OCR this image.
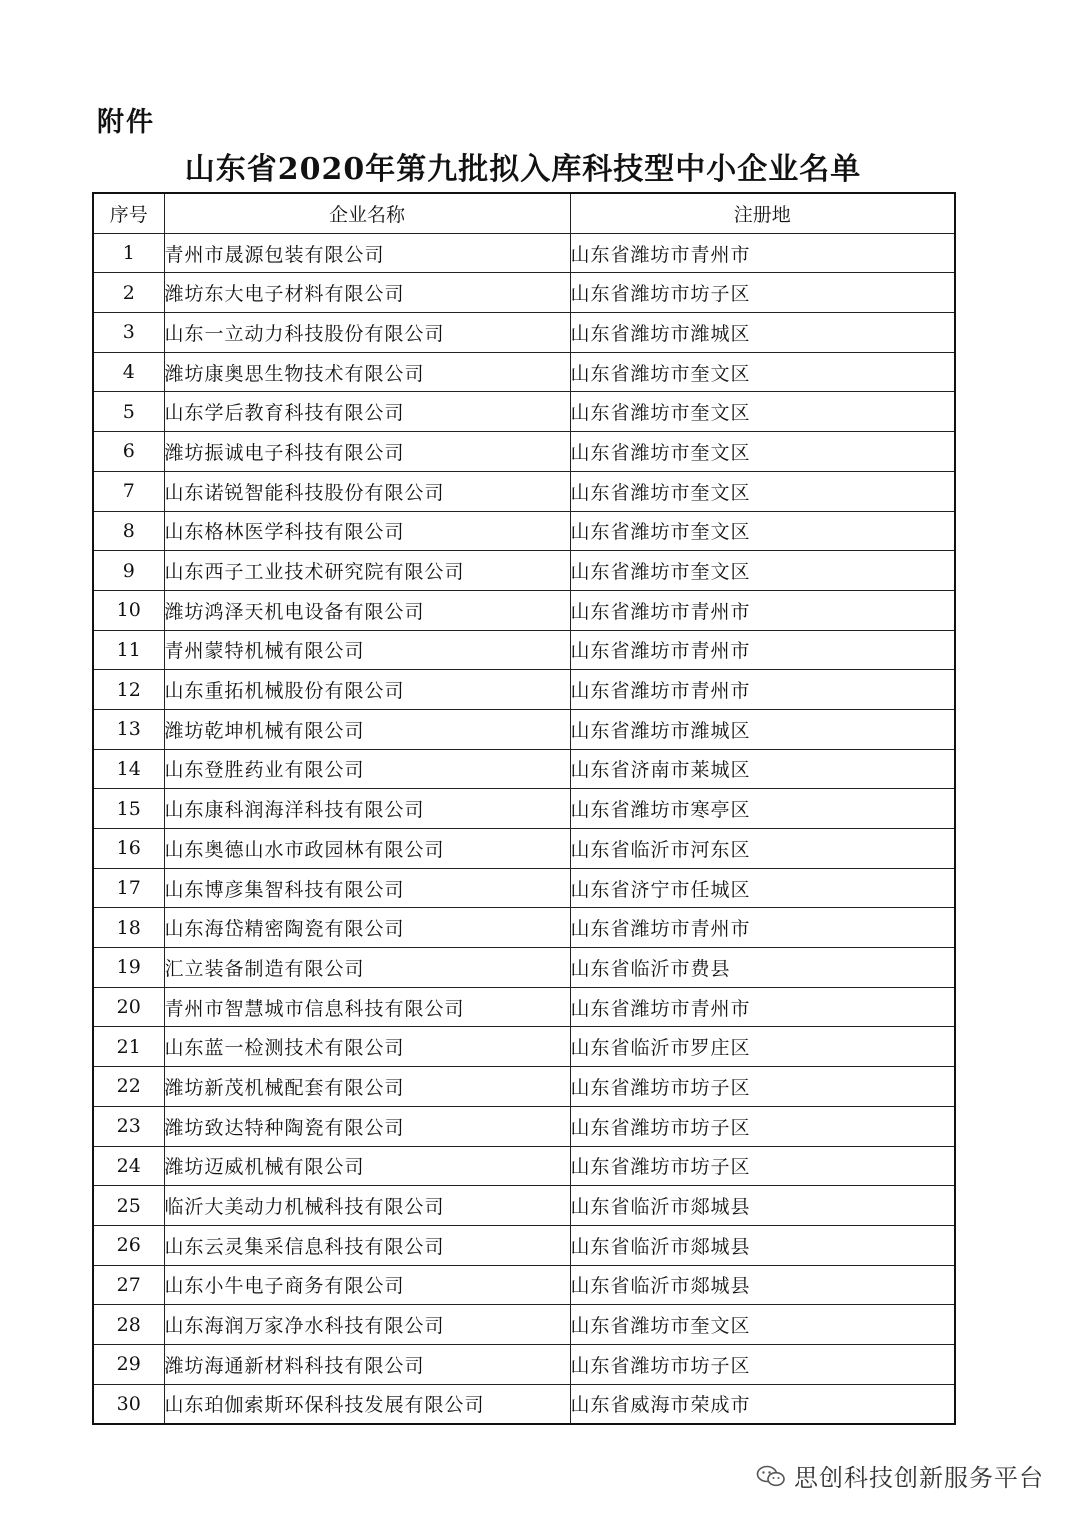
附件
山东省2020年第九批拟入库科技型中小企业名单
序号	企业名称	注册地
1	青州市晟源包装有限公司	山东省潍坊市青州市
2	潍坊东大电子材料有限公司	山东省潍坊市坊子区
3	山东一立动力科技股份有限公司	山东省潍坊市潍城区
4	潍坊康奥思生物技术有限公司	山东省潍坊市奎文区
5	山东学后教育科技有限公司	山东省潍坊市奎文区
6	潍坊振诚电子科技有限公司	山东省潍坊市奎文区
7	山东诺锐智能科技股份有限公司	山东省潍坊市奎文区
8	山东格林医学科技有限公司	山东省潍坊市奎文区
9	山东西子工业技术研究院有限公司	山东省潍坊市奎文区
10	潍坊鸿泽天机电设备有限公司	山东省潍坊市青州市
11	青州蒙特机械有限公司	山东省潍坊市青州市
12	山东重拓机械股份有限公司	山东省潍坊市青州市
13	潍坊乾坤机械有限公司	山东省潍坊市潍城区
14	山东登胜药业有限公司	山东省济南市莱城区
15	山东康科润海洋科技有限公司	山东省潍坊市寒亭区
16	山东奥德山水市政园林有限公司	山东省临沂市河东区
17	山东博彦集智科技有限公司	山东省济宁市任城区
18	山东海岱精密陶瓷有限公司	山东省潍坊市青州市
19	汇立装备制造有限公司	山东省临沂市费县
20	青州市智慧城市信息科技有限公司	山东省潍坊市青州市
21	山东蓝一检测技术有限公司	山东省临沂市罗庄区
22	潍坊新茂机械配套有限公司	山东省潍坊市坊子区
23	潍坊致达特种陶瓷有限公司	山东省潍坊市坊子区
24	潍坊迈威机械有限公司	山东省潍坊市坊子区
25	临沂大美动力机械科技有限公司	山东省临沂市郯城县
26	山东云灵集采信息科技有限公司	山东省临沂市郯城县
27	山东小牛电子商务有限公司	山东省临沂市郯城县
28	山东海润万家净水科技有限公司	山东省潍坊市奎文区
29	潍坊海通新材料科技有限公司	山东省潍坊市坊子区
30	山东珀伽索斯环保科技发展有限公司	山东省威海市荣成市
思创科技创新服务平台
